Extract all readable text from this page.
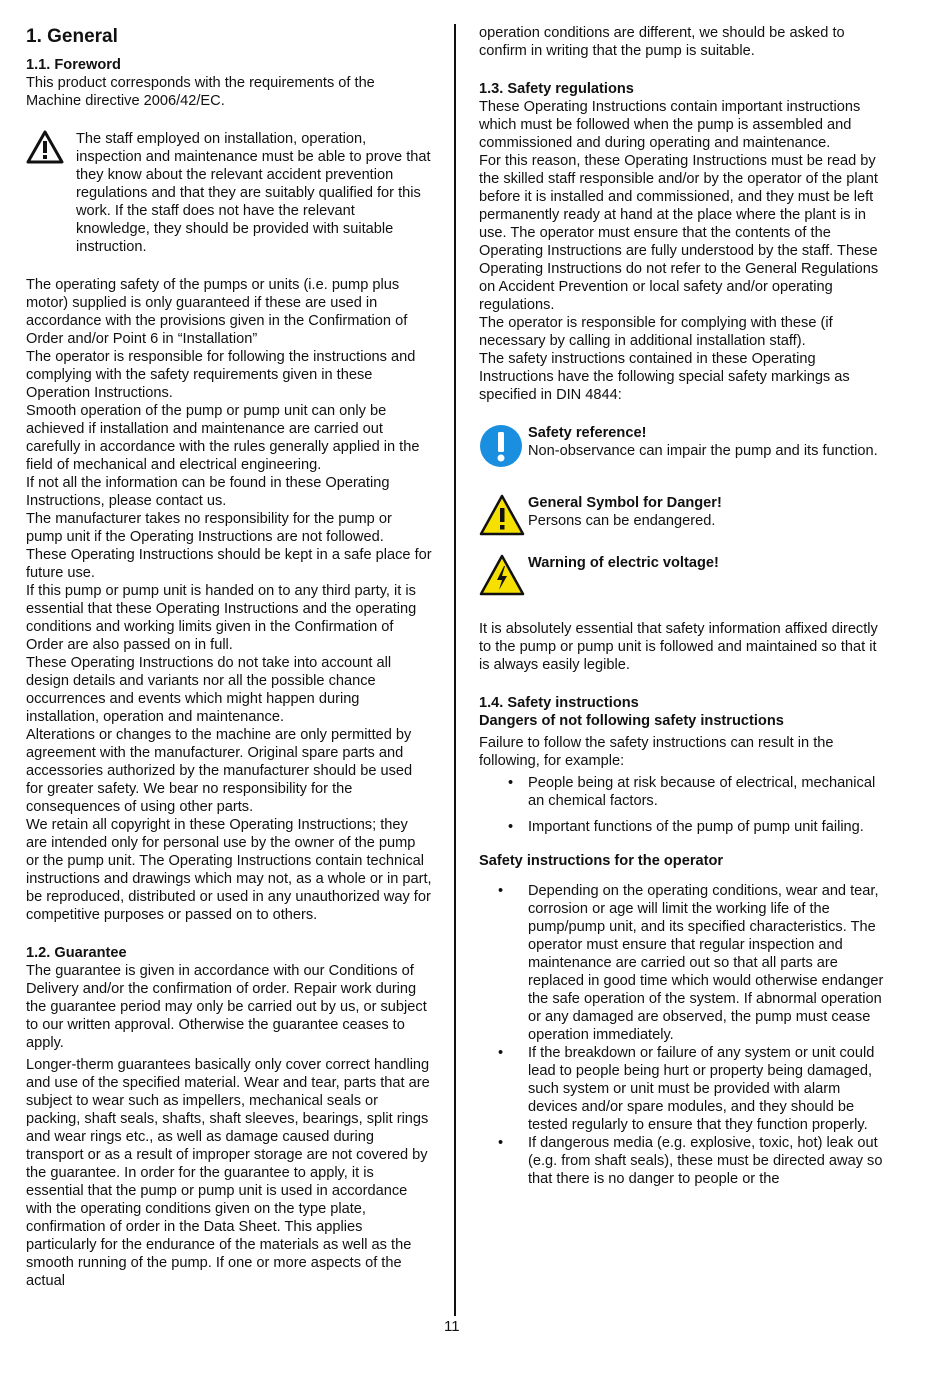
1. General
1.1. Foreword

This product corresponds with the requirements of the Machine directive 2006/42/EC.

The staff employed on installation, operation, inspection and maintenance must be able to prove that they know about the relevant accident prevention regulations and that they are suitably qualified for this work. If the staff does not have the relevant knowledge, they should be provided with suitable instruction.

The operating safety of the pumps or units (i.e. pump plus motor) supplied is only guaranteed if these are used in accordance with the provisions given in the Confirmation of Order and/or Point 6 in “Installation”

The operator is responsible for following the instructions and complying with the safety requirements given in these Operation Instructions.

Smooth operation of the pump or pump unit can only be achieved if installation and maintenance are carried out carefully in accordance with the rules generally applied in the field of mechanical and electrical engineering.

If not all the information can be found in these Operating Instructions, please contact us.

The manufacturer takes no responsibility for the pump or pump unit if the Operating Instructions are not followed.

These Operating Instructions should be kept in a safe place for future use.

If this pump or pump unit is handed on to any third party, it is essential that these Operating Instructions and the operating conditions and working limits given in the Confirmation of Order are also passed on in full.

These Operating Instructions do not take into account all design details and variants nor all the possible chance occurrences and events which might happen during installation, operation and maintenance.

Alterations or changes to the machine are only permitted by agreement with the manufacturer. Original spare parts and accessories authorized by the manufacturer should be used for greater safety. We bear no responsibility for the consequences of using other parts.

We retain all copyright in these Operating Instructions; they are intended only for personal use by the owner of the pump or the pump unit. The Operating Instructions contain technical instructions and drawings which may not, as a whole or in part, be reproduced, distributed or used in any unauthorized way for competitive purposes or passed on to others.

1.2. Guarantee

The guarantee is given in accordance with our Conditions of Delivery and/or the confirmation of order. Repair work during the guarantee period may only be carried out by us, or subject to our written approval. Otherwise the guarantee ceases to apply.

Longer-therm guarantees basically only cover correct handling and use of the specified material. Wear and tear, parts that are subject to wear such as impellers, mechanical seals or packing, shaft seals, shafts, shaft sleeves, bearings, split rings and wear rings etc., as well as damage caused during transport or as a result of improper storage are not covered by the guarantee. In order for the guarantee to apply, it is essential that the pump or pump unit is used in accordance with the operating conditions given on the type plate, confirmation of order in the Data Sheet. This applies particularly for the endurance of the materials as well as the smooth running of the pump. If one or more aspects of the actual

operation conditions are different, we should be asked to confirm in writing that the pump is suitable.

1.3. Safety regulations

These Operating Instructions contain important instructions which must be followed when the pump is assembled and commissioned and during operating and maintenance.

For this reason, these Operating Instructions must be read by the skilled staff responsible and/or by the operator of the plant before it is installed and commissioned, and they must be left permanently ready at hand at the place where the plant is in use. The operator must ensure that the contents of the Operating Instructions are fully understood by the staff. These Operating Instructions do not refer to the General Regulations on Accident Prevention or local safety and/or operating regulations.

The operator is responsible for complying with these (if necessary by calling in additional installation staff).

The safety instructions contained in these Operating Instructions have the following special safety markings as specified in DIN 4844:

Safety reference!

Non-observance can impair the pump and its function.

General Symbol for Danger!

Persons can be endangered.

Warning of electric voltage!

It is absolutely essential that safety information affixed directly to the pump or pump unit is followed and maintained so that it is always easily legible.

1.4. Safety instructions
Dangers of not following safety instructions

Failure to follow the safety instructions can result in the following, for example:

• People being at risk because of electrical, mechanical an chemical factors.
• Important functions of the pump of pump unit failing.
Safety instructions for the operator
• Depending on the operating conditions, wear and tear, corrosion or age will limit the working life of the pump/pump unit, and its specified characteristics. The operator must ensure that regular inspection and maintenance are carried out so that all parts are replaced in good time which would otherwise endanger the safe operation of the system. If abnormal operation or any damaged are observed, the pump must cease operation immediately.
• If the breakdown or failure of any system or unit could lead to people being hurt or property being damaged, such system or unit must be provided with alarm devices and/or spare modules, and they should be tested regularly to ensure that they function properly.
• If dangerous media (e.g. explosive, toxic, hot) leak out (e.g. from shaft seals), these must be directed away so that there is no danger to people or the
11
